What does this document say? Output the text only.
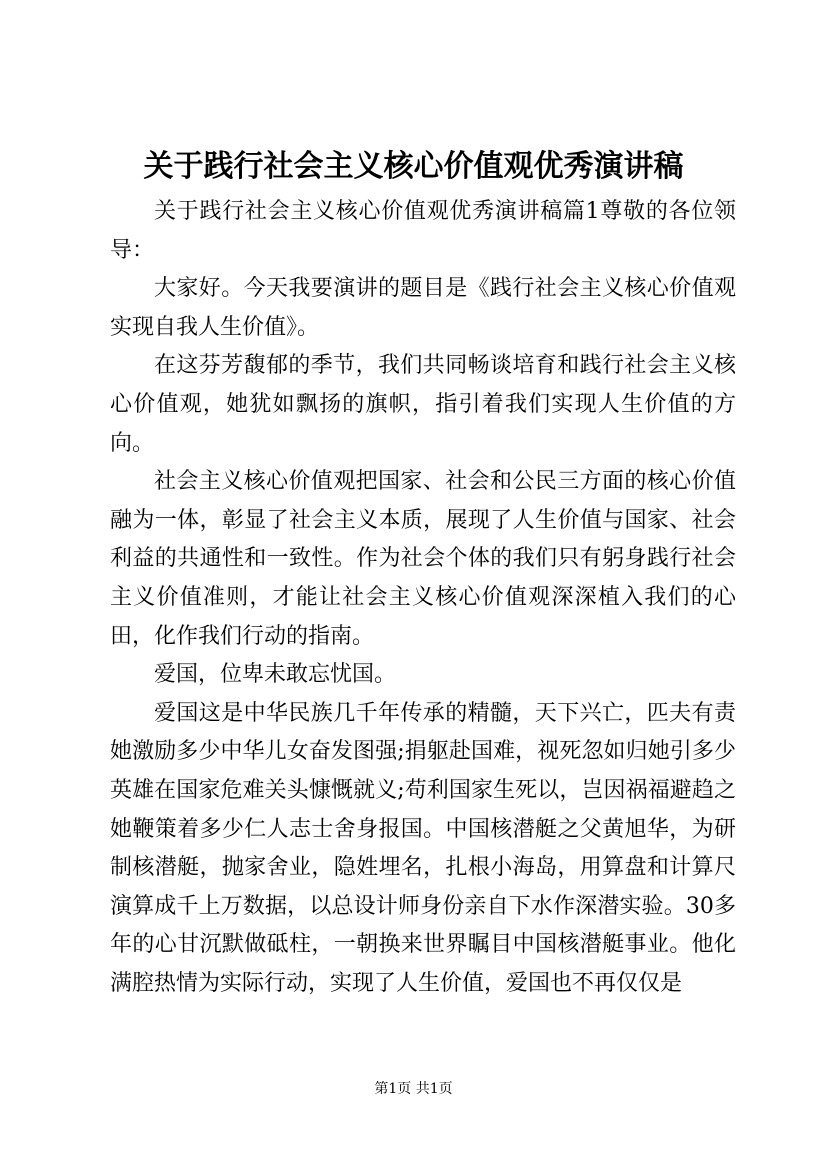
关于践行社会主义核心价值观优秀演讲稿

关于践行社会主义核心价值观优秀演讲稿篇1尊敬的各位领导：

大家好。今天我要演讲的题目是《践行社会主义核心价值观实现自我人生价值》。

在这芬芳馥郁的季节，我们共同畅谈培育和践行社会主义核心价值观，她犹如飘扬的旗帜，指引着我们实现人生价值的方向。

社会主义核心价值观把国家、社会和公民三方面的核心价值融为一体，彰显了社会主义本质，展现了人生价值与国家、社会利益的共通性和一致性。作为社会个体的我们只有躬身践行社会主义价值准则，才能让社会主义核心价值观深深植入我们的心田，化作我们行动的指南。

爱国，位卑未敢忘忧国。

爱国这是中华民族几千年传承的精髓，天下兴亡，匹夫有责她激励多少中华儿女奋发图强;捐躯赴国难，视死忽如归她引多少英雄在国家危难关头慷慨就义;苟利国家生死以，岂因祸福避趋之她鞭策着多少仁人志士舍身报国。中国核潜艇之父黄旭华，为研制核潜艇，抛家舍业，隐姓埋名，扎根小海岛，用算盘和计算尺演算成千上万数据，以总设计师身份亲自下水作深潜实验。30多年的心甘沉默做砥柱，一朝换来世界瞩目中国核潜艇事业。他化满腔热情为实际行动，实现了人生价值，爱国也不再仅仅是

第1页 共1页
